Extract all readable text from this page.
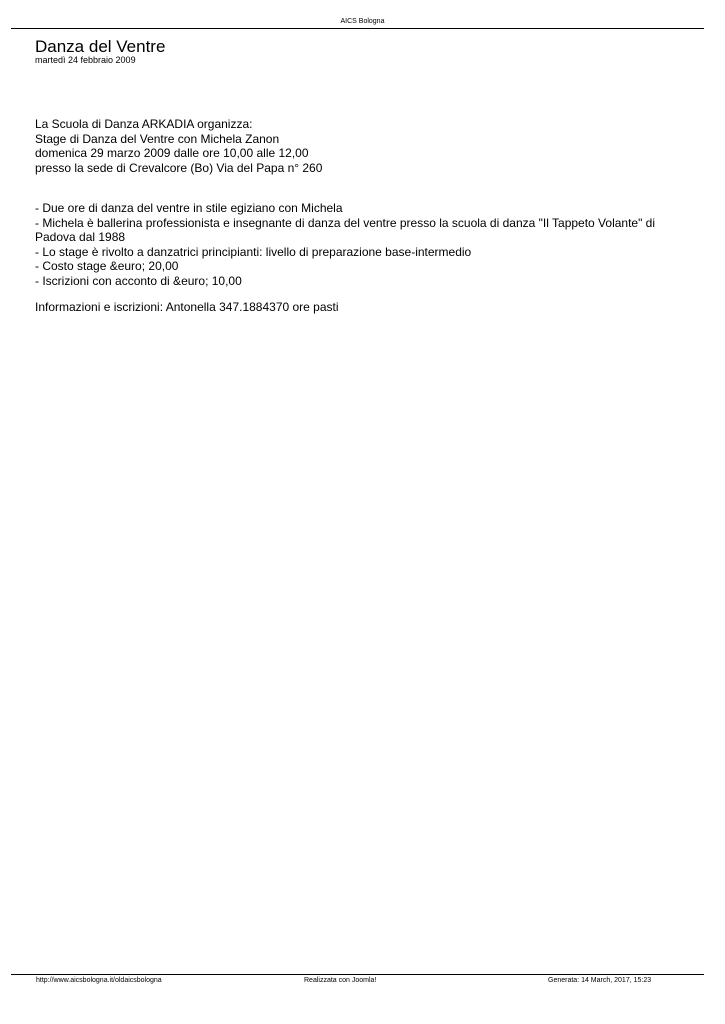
AICS Bologna
Danza del Ventre
martedì 24 febbraio 2009

La Scuola di Danza ARKADIA organizza:

Stage di Danza del Ventre con Michela Zanon

domenica 29 marzo 2009 dalle ore 10,00 alle 12,00

presso la sede di Crevalcore (Bo) Via del Papa n° 260

- Due ore di danza del ventre in stile egiziano con Michela

- Michela è ballerina professionista e insegnante di danza del ventre presso la scuola di danza "Il Tappeto Volante" di Padova dal 1988

- Lo stage è rivolto a danzatrici principianti: livello di preparazione base-intermedio

- Costo stage &euro; 20,00

- Iscrizioni con acconto di &euro; 10,00

Informazioni e iscrizioni: Antonella 347.1884370 ore pasti

http://www.aicsbologna.it/oldaicsbologna	Realizzata con Joomla!	Generata: 14 March, 2017, 15:23
